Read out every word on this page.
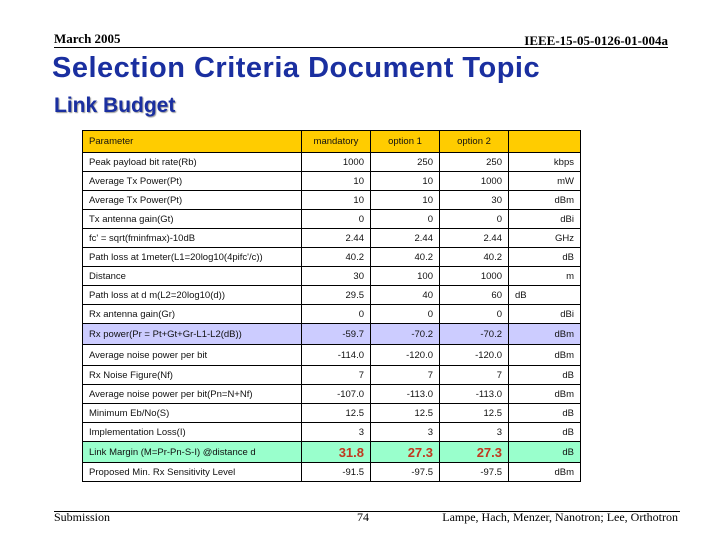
March 2005	IEEE-15-05-0126-01-004a
Selection Criteria Document Topic
Link Budget
Parameter	mandatory	option 1	option 2	
Peak payload bit rate(Rb)	1000	250	250	kbps
Average Tx Power(Pt)	10	10	1000	mW
Average Tx Power(Pt)	10	10	30	dBm
Tx antenna gain(Gt)	0	0	0	dBi
fc' = sqrt(fminfmax)-10dB	2.44	2.44	2.44	GHz
Path loss at 1meter(L1=20log10(4pifc'/c))	40.2	40.2	40.2	dB
Distance	30	100	1000	m
Path loss at d m(L2=20log10(d))	29.5	40	60	dB
Rx antenna gain(Gr)	0	0	0	dBi
Rx power(Pr = Pt+Gt+Gr-L1-L2(dB))	-59.7	-70.2	-70.2	dBm
Average noise power per bit	-114.0	-120.0	-120.0	dBm
Rx Noise Figure(Nf)	7	7	7	dB
Average noise power per bit(Pn=N+Nf)	-107.0	-113.0	-113.0	dBm
Minimum Eb/No(S)	12.5	12.5	12.5	dB
Implementation Loss(I)	3	3	3	dB
Link Margin (M=Pr-Pn-S-I) @distance d	31.8	27.3	27.3	dB
Proposed Min. Rx Sensitivity Level	-91.5	-97.5	-97.5	dBm
Submission	74	Lampe, Hach, Menzer, Nanotron; Lee, Orthotron
